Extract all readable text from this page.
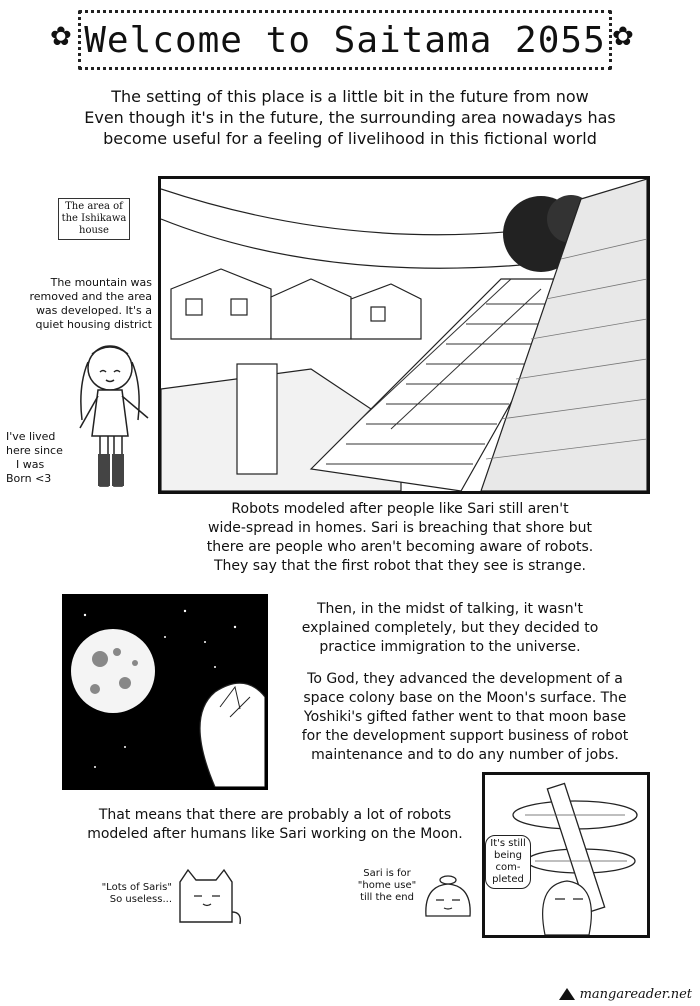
✿ Welcome to Saitama 2055 ✿
The setting of this place is a little bit in the future from now
Even though it's in the future, the surrounding area nowadays has
become useful for a feeling of livelihood in this fictional world
The area of the Ishikawa house
The mountain was
removed and the area
was developed. It's a
quiet housing district
I've lived
here since
I was
Born <3
Robots modeled after people like Sari still aren't
wide-spread in homes. Sari is breaching that shore but
there are people who aren't becoming aware of robots.
They say that the first robot that they see is strange.
Then, in the midst of talking, it wasn't
explained completely, but they decided to
practice immigration to the universe.
To God, they advanced the development of a
space colony base on the Moon's surface. The
Yoshiki's gifted father went to that moon base
for the development support business of robot
maintenance and to do any number of jobs.
That means that there are probably a lot of robots
modeled after humans like Sari working on the Moon.
"Lots of Saris"
So useless...
Sari is for
"home use"
till the end
It's still
being
com-
pleted
mangareader.net
